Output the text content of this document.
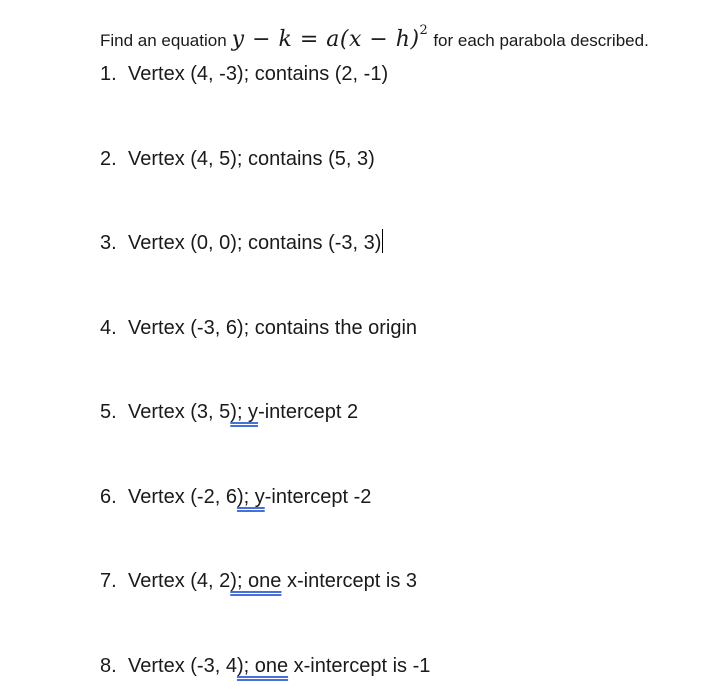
Find an equation $y - k = a(x - h)^2$
for each parabola described.
1. Vertex (4, -3); contains (2, -1)
2. Vertex (4, 5); contains (5, 3)
3. Vertex (0, 0); contains (-3, 3)
4. Vertex (-3, 6); contains the origin
5. Vertex (3, 5); y-intercept 2
6. Vertex (-2, 6); y-intercept -2
7. Vertex (4, 2); one x-intercept is 3
8. Vertex (-3, 4); one x-intercept is -1
